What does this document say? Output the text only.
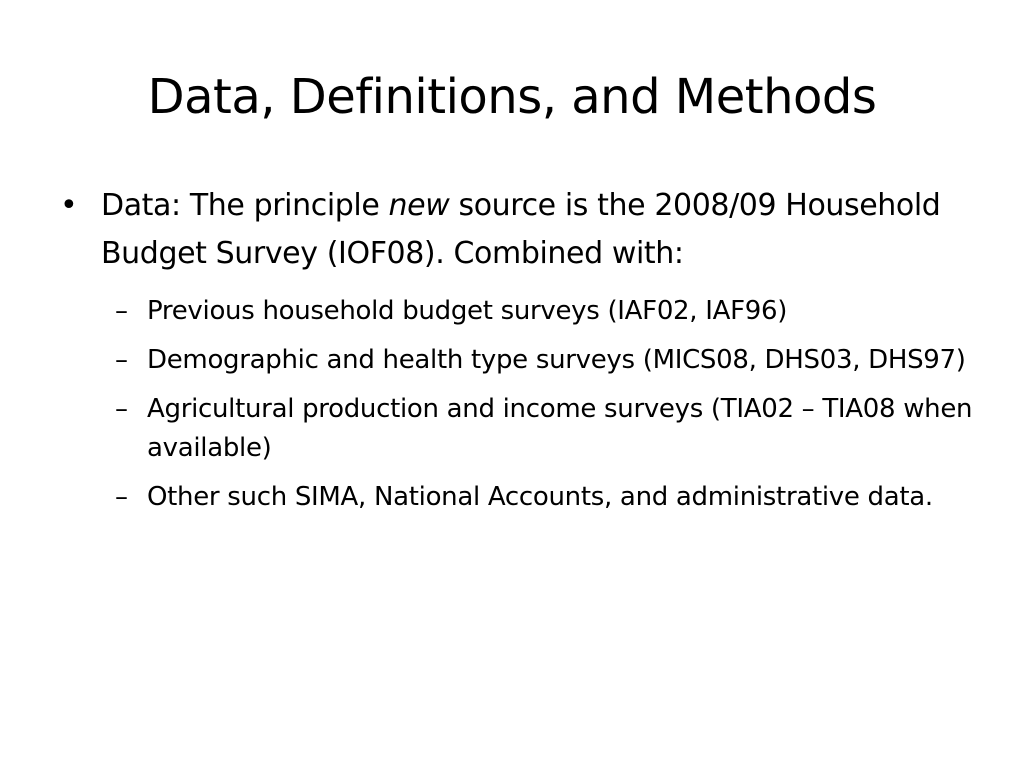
Data, Definitions, and Methods
• Data: The principle new source is the 2008/09 Household Budget Survey (IOF08). Combined with:
– Previous household budget surveys (IAF02, IAF96)
– Demographic and health type surveys (MICS08, DHS03, DHS97)
– Agricultural production and income surveys (TIA02 – TIA08 when available)
– Other such SIMA, National Accounts, and administrative data.
